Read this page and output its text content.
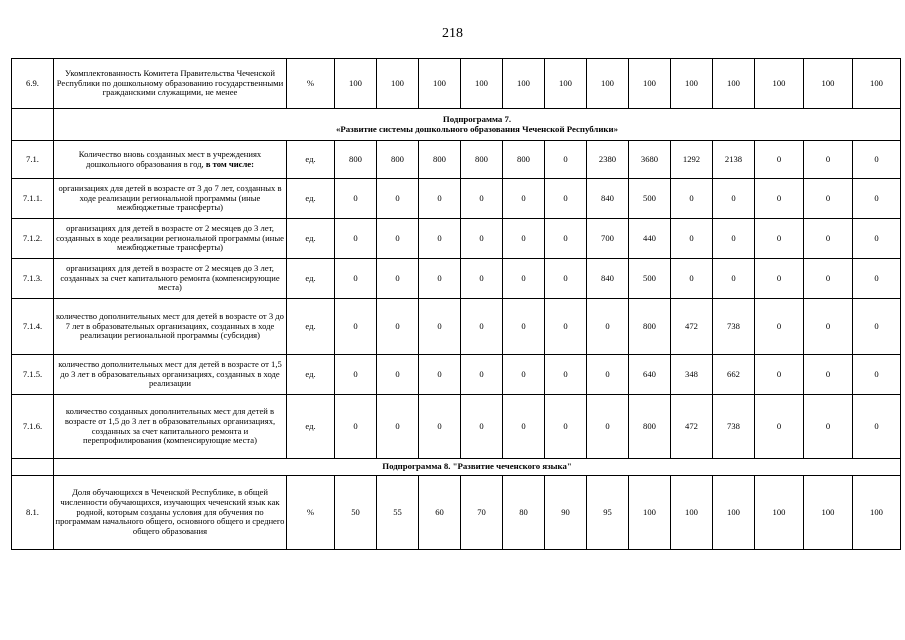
218
6.9.	Укомплектованность Комитета Правительства Чеченской Республики по дошкольному образованию государственными гражданскими служащими, не менее	%	100	100	100	100	100	100	100	100	100	100	100	100	100

	Подпрограмма 7.
«Развитие системы дошкольного образования Чеченской Республики»														

7.1.	Количество вновь созданных мест в учреждениях дошкольного образования в год, в том числе:	ед.	800	800	800	800	800	0	2380	3680	1292	2138	0	0	0
7.1.1.	организациях для детей в возрасте от 3 до 7 лет, созданных в ходе реализации региональной программы (иные межбюджетные трансферты)	ед.	0	0	0	0	0	0	840	500	0	0	0	0	0
7.1.2.	организациях для детей в возрасте от 2 месяцев до 3 лет, созданных в ходе реализации региональной программы (иные межбюджетные трансферты)	ед.	0	0	0	0	0	0	700	440	0	0	0	0	0
7.1.3.	организациях для детей в возрасте от 2 месяцев до 3 лет, созданных за счет капитального ремонта (компенсирующие места)	ед.	0	0	0	0	0	0	840	500	0	0	0	0	0
7.1.4.	количество дополнительных мест для детей в возрасте от 3 до 7 лет в образовательных организациях, созданных в ходе реализации региональной программы (субсидия)	ед.	0	0	0	0	0	0	0	800	472	738	0	0	0
7.1.5.	количество дополнительных мест для детей в возрасте от 1,5 до 3 лет в образовательных организациях, созданных в ходе реализации	ед.	0	0	0	0	0	0	0	640	348	662	0	0	0
7.1.6.	количество созданных дополнительных мест для детей в возрасте от 1,5 до 3 лет в образовательных организациях, созданных за счет капитального ремонта и перепрофилирования (компенсирующие места)	ед.	0	0	0	0	0	0	0	800	472	738	0	0	0

	Подпрограмма 8. "Развитие чеченского языка"														

8.1.	Доля обучающихся в Чеченской Республике, в общей численности обучающихся, изучающих чеченский язык как родной, которым созданы условия для обучения по программам начального общего, основного общего и среднего общего образования	%	50	55	60	70	80	90	95	100	100	100	100	100	100
